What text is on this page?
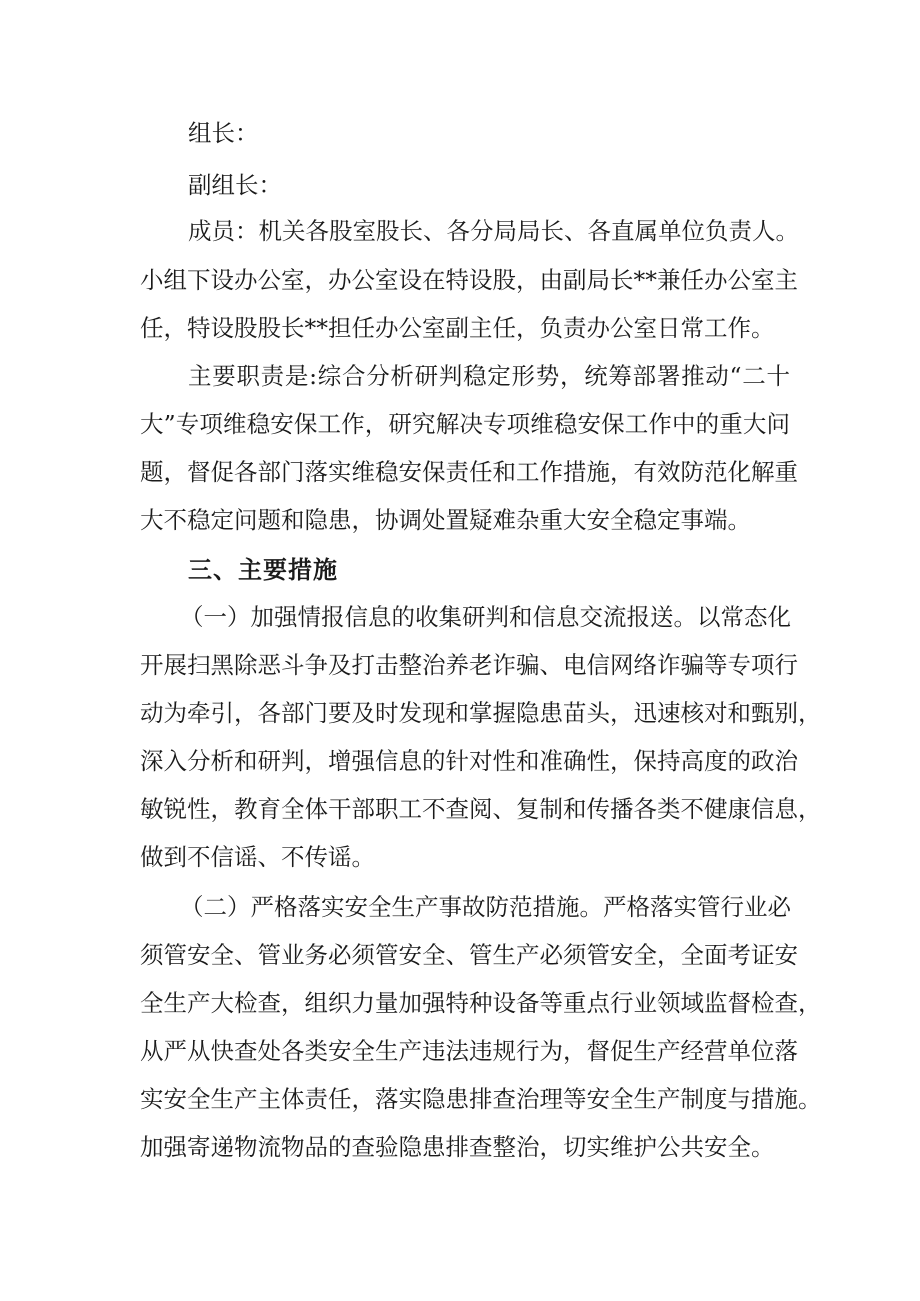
组长：
副组长：
成员：机关各股室股长、各分局局长、各直属单位负责人。
小组下设办公室，办公室设在特设股，由副局长**兼任办公室主
任，特设股股长**担任办公室副主任，负责办公室日常工作。
主要职责是:综合分析研判稳定形势，统筹部署推动“二十
大”专项维稳安保工作，研究解决专项维稳安保工作中的重大问
题，督促各部门落实维稳安保责任和工作措施，有效防范化解重
大不稳定问题和隐患，协调处置疑难杂重大安全稳定事端。
三、主要措施
（一）加强情报信息的收集研判和信息交流报送。以常态化
开展扫黑除恶斗争及打击整治养老诈骗、电信网络诈骗等专项行
动为牵引，各部门要及时发现和掌握隐患苗头，迅速核对和甄别，
深入分析和研判，增强信息的针对性和准确性，保持高度的政治
敏锐性，教育全体干部职工不查阅、复制和传播各类不健康信息，
做到不信谣、不传谣。
（二）严格落实安全生产事故防范措施。严格落实管行业必
须管安全、管业务必须管安全、管生产必须管安全，全面考证安
全生产大检查，组织力量加强特种设备等重点行业领域监督检查，
从严从快查处各类安全生产违法违规行为，督促生产经营单位落
实安全生产主体责任，落实隐患排查治理等安全生产制度与措施。
加强寄递物流物品的查验隐患排查整治，切实维护公共安全。
